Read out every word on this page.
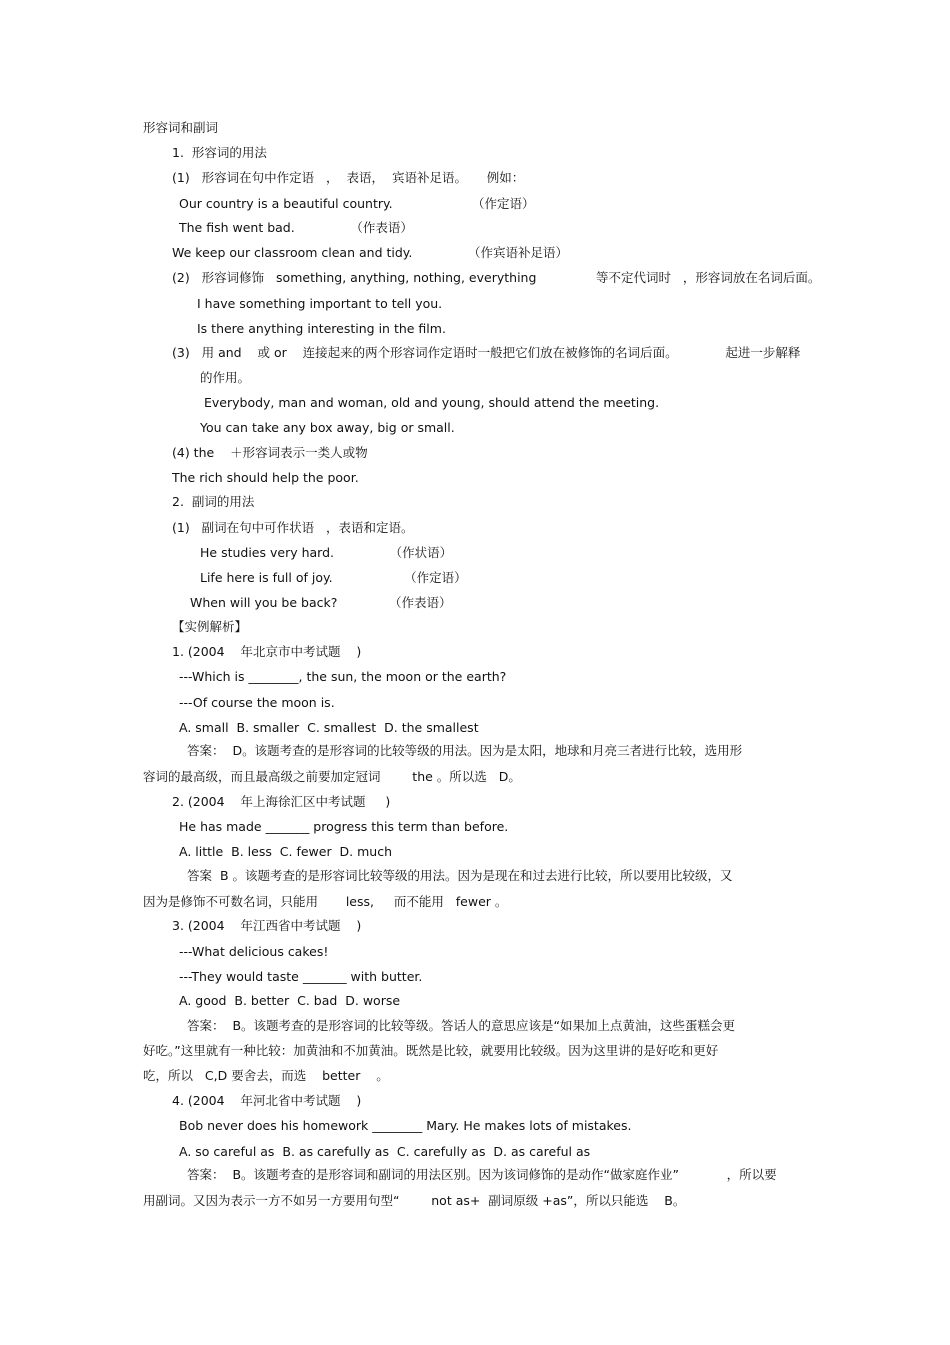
形容词和副词
1.  形容词的用法
(1)   形容词在句中作定语   ，  表语，  宾语补足语。     例如：
Our country is a beautiful country.                    （作定语）
The fish went bad.              （作表语）
We keep our classroom clean and tidy.              （作宾语补足语）
(2)   形容词修饰   something, anything, nothing, everything               等不定代词时   ，形容词放在名词后面。
I have something important to tell you.
Is there anything interesting in the film.
(3)   用 and    或 or    连接起来的两个形容词作定语时一般把它们放在被修饰的名词后面。            起进一步解释
的作用。
Everybody, man and woman, old and young, should attend the meeting.
You can take any box away, big or small.
(4) the    ＋形容词表示一类人或物
The rich should help the poor.
2.  副词的用法
(1)   副词在句中可作状语   ，表语和定语。
He studies very hard.              （作状语）
Life here is full of joy.                  （作定语）
When will you be back?             （作表语）
【实例解析】
1. (2004    年北京市中考试题    )
---Which is ________, the sun, the moon or the earth?
---Of course the moon is.
A. small  B. smaller  C. smallest  D. the smallest
答案：  D。该题考查的是形容词的比较等级的用法。因为是太阳，地球和月亮三者进行比较，选用形
容词的最高级，而且最高级之前要加定冠词        the 。所以选   D。
2. (2004    年上海徐汇区中考试题     )
He has made _______ progress this term than before.
A. little  B. less  C. fewer  D. much
答案  B 。该题考查的是形容词比较等级的用法。因为是现在和过去进行比较，所以要用比较级，又
因为是修饰不可数名词，只能用       less,     而不能用   fewer 。
3. (2004    年江西省中考试题    )
---What delicious cakes!
---They would taste _______ with butter.
A. good  B. better  C. bad  D. worse
答案：  B。该题考查的是形容词的比较等级。答话人的意思应该是“如果加上点黄油，这些蛋糕会更
好吃。”这里就有一种比较：加黄油和不加黄油。既然是比较，就要用比较级。因为这里讲的是好吃和更好
吃，所以   C,D 要舍去，而选    better    。
4. (2004    年河北省中考试题    )
Bob never does his homework ________ Mary. He makes lots of mistakes.
A. so careful as  B. as carefully as  C. carefully as  D. as careful as
答案：  B。该题考查的是形容词和副词的用法区别。因为该词修饰的是动作“做家庭作业”            ，所以要
用副词。又因为表示一方不如另一方要用句型“        not as+  副词原级 +as”，所以只能选    B。
